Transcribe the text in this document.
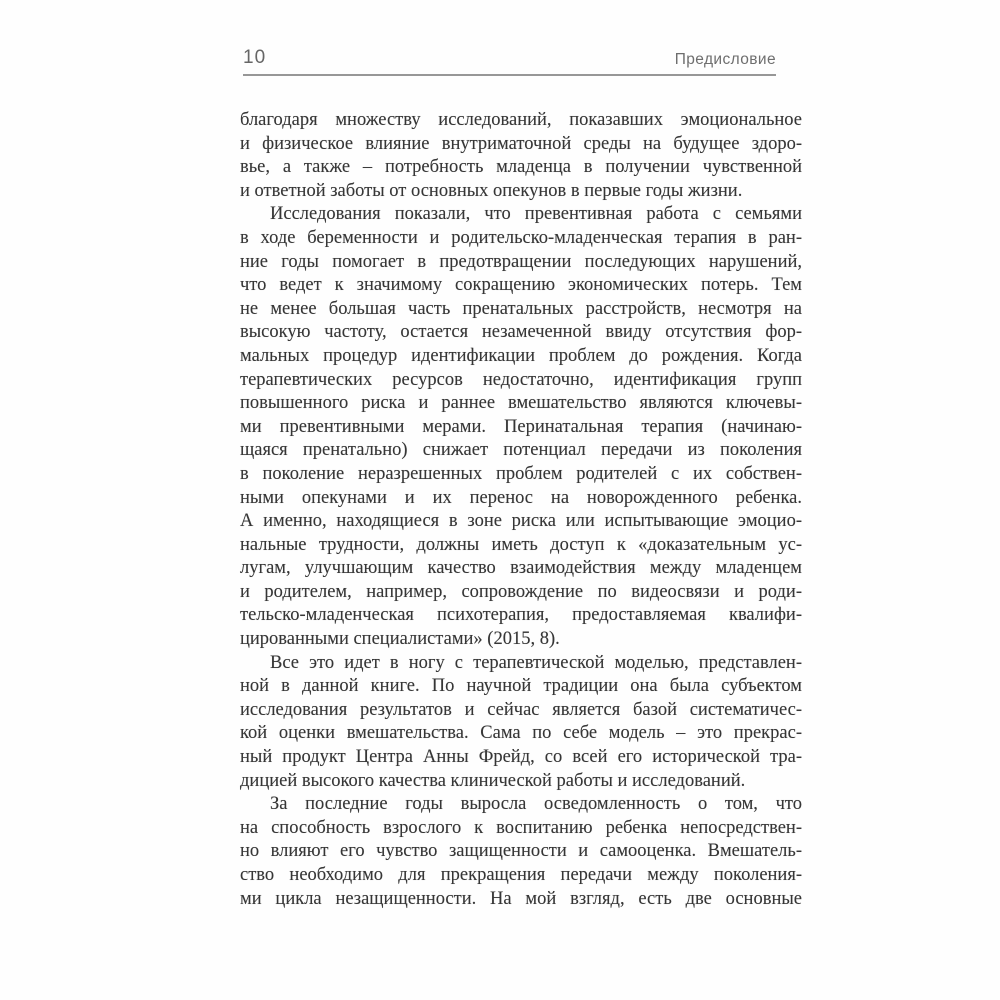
10	Предисловие
благодаря множеству исследований, показавших эмоциональное
и физическое влияние внутриматочной среды на будущее здоро-
вье, а также – потребность младенца в получении чувственной
и ответной заботы от основных опекунов в первые годы жизни.
Исследования показали, что превентивная работа с семьями
в ходе беременности и родительско-младенческая терапия в ран-
ние годы помогает в предотвращении последующих нарушений,
что ведет к значимому сокращению экономических потерь. Тем
не менее большая часть пренатальных расстройств, несмотря на
высокую частоту, остается незамеченной ввиду отсутствия фор-
мальных процедур идентификации проблем до рождения. Когда
терапевтических ресурсов недостаточно, идентификация групп
повышенного риска и раннее вмешательство являются ключевы-
ми превентивными мерами. Перинатальная терапия (начинаю-
щаяся пренатально) снижает потенциал передачи из поколения
в поколение неразрешенных проблем родителей с их собствен-
ными опекунами и их перенос на новорожденного ребенка.
А именно, находящиеся в зоне риска или испытывающие эмоцио-
нальные трудности, должны иметь доступ к «доказательным ус-
лугам, улучшающим качество взаимодействия между младенцем
и родителем, например, сопровождение по видеосвязи и роди-
тельско-младенческая психотерапия, предоставляемая квалифи-
цированными специалистами» (2015, 8).
Все это идет в ногу с терапевтической моделью, представлен-
ной в данной книге. По научной традиции она была субъектом
исследования результатов и сейчас является базой систематичес-
кой оценки вмешательства. Сама по себе модель – это прекрас-
ный продукт Центра Анны Фрейд, со всей его исторической тра-
дицией высокого качества клинической работы и исследований.
За последние годы выросла осведомленность о том, что
на способность взрослого к воспитанию ребенка непосредствен-
но влияют его чувство защищенности и самооценка. Вмешатель-
ство необходимо для прекращения передачи между поколения-
ми цикла незащищенности. На мой взгляд, есть две основные
